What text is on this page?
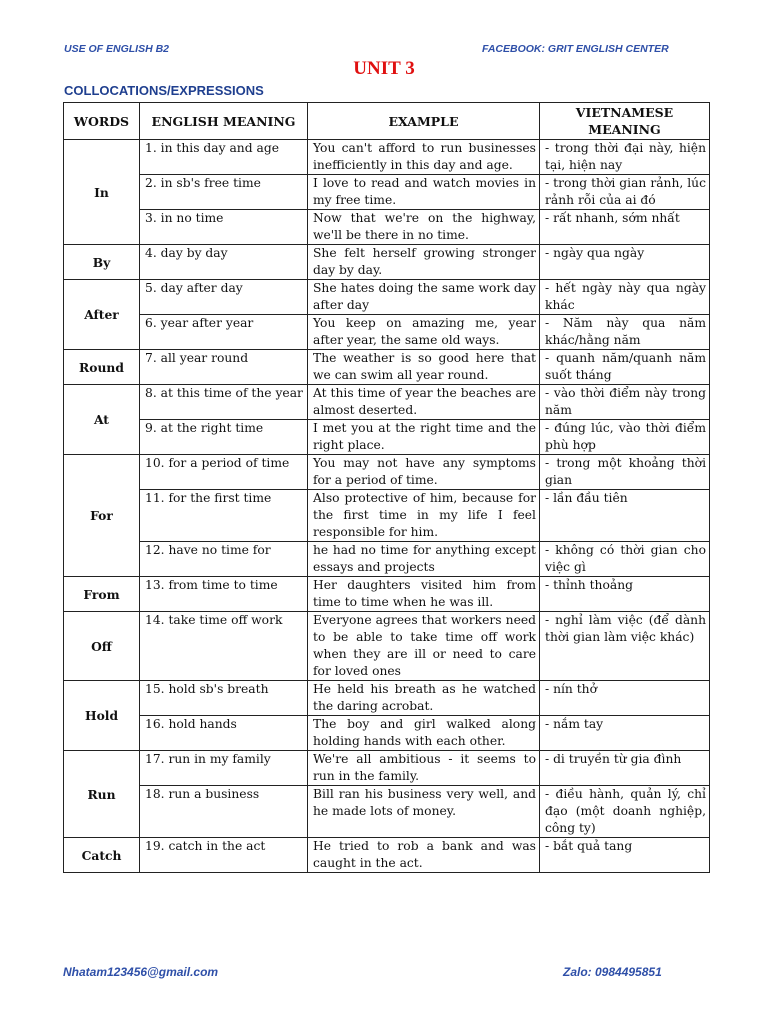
USE OF ENGLISH B2	FACEBOOK: GRIT ENGLISH CENTER
UNIT 3
COLLOCATIONS/EXPRESSIONS
WORDS	ENGLISH MEANING	EXAMPLE	VIETNAMESE MEANING
In	1. in this day and age	You can't afford to run businesses inefficiently in this day and age.	- trong thời đại này, hiện tại, hiện nay
	2. in sb's free time	I love to read and watch movies in my free time.	- trong thời gian rảnh, lúc rảnh rỗi của ai đó
	3. in no time	Now that we're on the highway, we'll be there in no time.	- rất nhanh, sớm nhất
By	4. day by day	She felt herself growing stronger day by day.	- ngày qua ngày
After	5. day after day	She hates doing the same work day after day	- hết ngày này qua ngày khác
	6. year after year	You keep on amazing me, year after year, the same old ways.	- Năm này qua năm khác/hằng năm
Round	7. all year round	The weather is so good here that we can swim all year round.	- quanh năm/quanh năm suốt tháng
At	8. at this time of the year	At this time of year the beaches are almost deserted.	- vào thời điểm này trong năm
	9. at the right time	I met you at the right time and the right place.	- đúng lúc, vào thời điểm phù hợp
For	10. for a period of time	You may not have any symptoms for a period of time.	- trong một khoảng thời gian
	11. for the first time	Also protective of him, because for the first time in my life I feel responsible for him.	- lần đầu tiên
	12. have no time for	he had no time for anything except essays and projects	- không có thời gian cho việc gì
From	13. from time to time	Her daughters visited him from time to time when he was ill.	- thỉnh thoảng
Off	14. take time off work	Everyone agrees that workers need to be able to take time off work when they are ill or need to care for loved ones	- nghỉ làm việc (để dành thời gian làm việc khác)
Hold	15. hold sb's breath	He held his breath as he watched the daring acrobat.	- nín thở
	16. hold hands	The boy and girl walked along holding hands with each other.	- nắm tay
Run	17. run in my family	We're all ambitious - it seems to run in the family.	- di truyền từ gia đình
	18. run a business	Bill ran his business very well, and he made lots of money.	- điều hành, quản lý, chỉ đạo (một doanh nghiệp, công ty)
Catch	19. catch in the act	He tried to rob a bank and was caught in the act.	- bắt quả tang
Nhatam123456@gmail.com	Zalo: 0984495851
